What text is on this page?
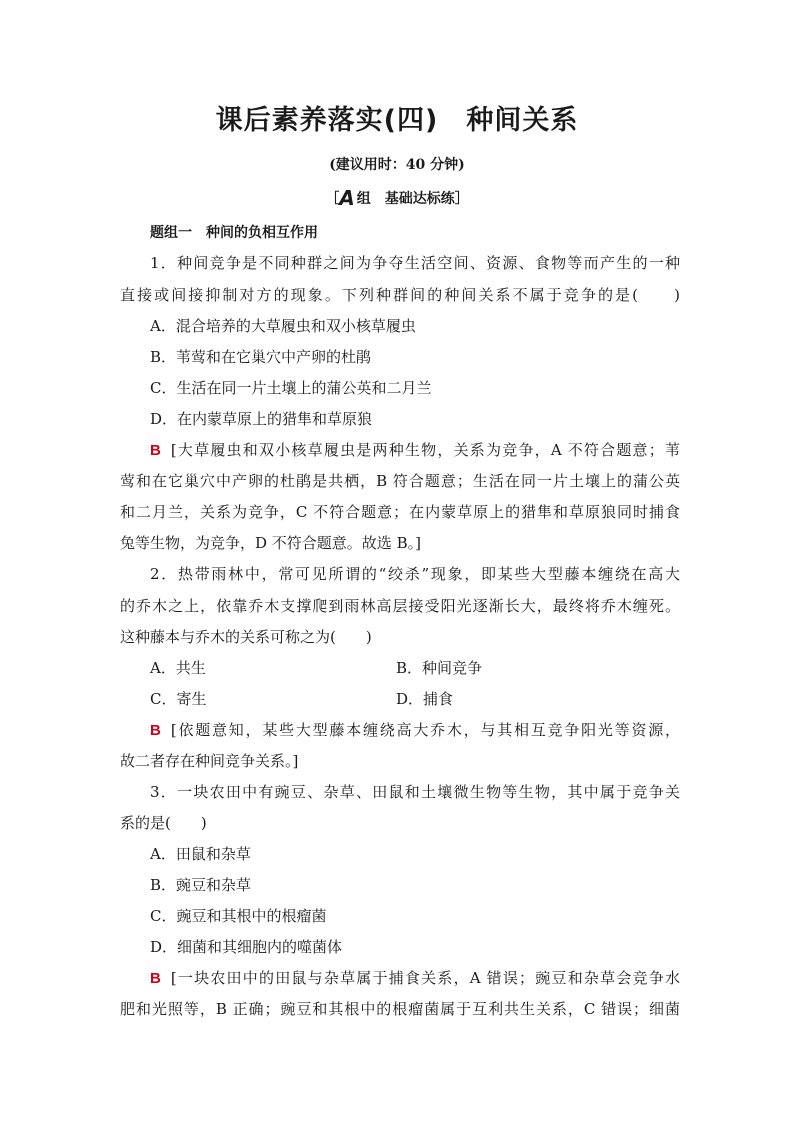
课后素养落实(四)　种间关系
(建议用时：40 分钟)
［A 组　基础达标练］
题组一　种间的负相互作用
1．种间竞争是不同种群之间为争夺生活空间、资源、食物等而产生的一种
直接或间接抑制对方的现象。下列种群间的种间关系不属于竞争的是(　　)
A．混合培养的大草履虫和双小核草履虫
B．苇莺和在它巢穴中产卵的杜鹃
C．生活在同一片土壤上的蒲公英和二月兰
D．在内蒙草原上的猎隼和草原狼
B [大草履虫和双小核草履虫是两种生物，关系为竞争，A 不符合题意；苇
莺和在它巢穴中产卵的杜鹃是共栖，B 符合题意；生活在同一片土壤上的蒲公英
和二月兰，关系为竞争，C 不符合题意；在内蒙草原上的猎隼和草原狼同时捕食
兔等生物，为竞争，D 不符合题意。故选 B。]
2．热带雨林中，常可见所谓的“绞杀”现象，即某些大型藤本缠绕在高大
的乔木之上，依靠乔木支撑爬到雨林高层接受阳光逐渐长大，最终将乔木缠死。
这种藤本与乔木的关系可称之为(　　)
A．共生	B．种间竞争
C．寄生	D．捕食
B [依题意知，某些大型藤本缠绕高大乔木，与其相互竞争阳光等资源，
故二者存在种间竞争关系。]
3．一块农田中有豌豆、杂草、田鼠和土壤微生物等生物，其中属于竞争关
系的是(　　)
A．田鼠和杂草
B．豌豆和杂草
C．豌豆和其根中的根瘤菌
D．细菌和其细胞内的噬菌体
B [一块农田中的田鼠与杂草属于捕食关系，A 错误；豌豆和杂草会竞争水
肥和光照等，B 正确；豌豆和其根中的根瘤菌属于互利共生关系，C 错误；细菌
